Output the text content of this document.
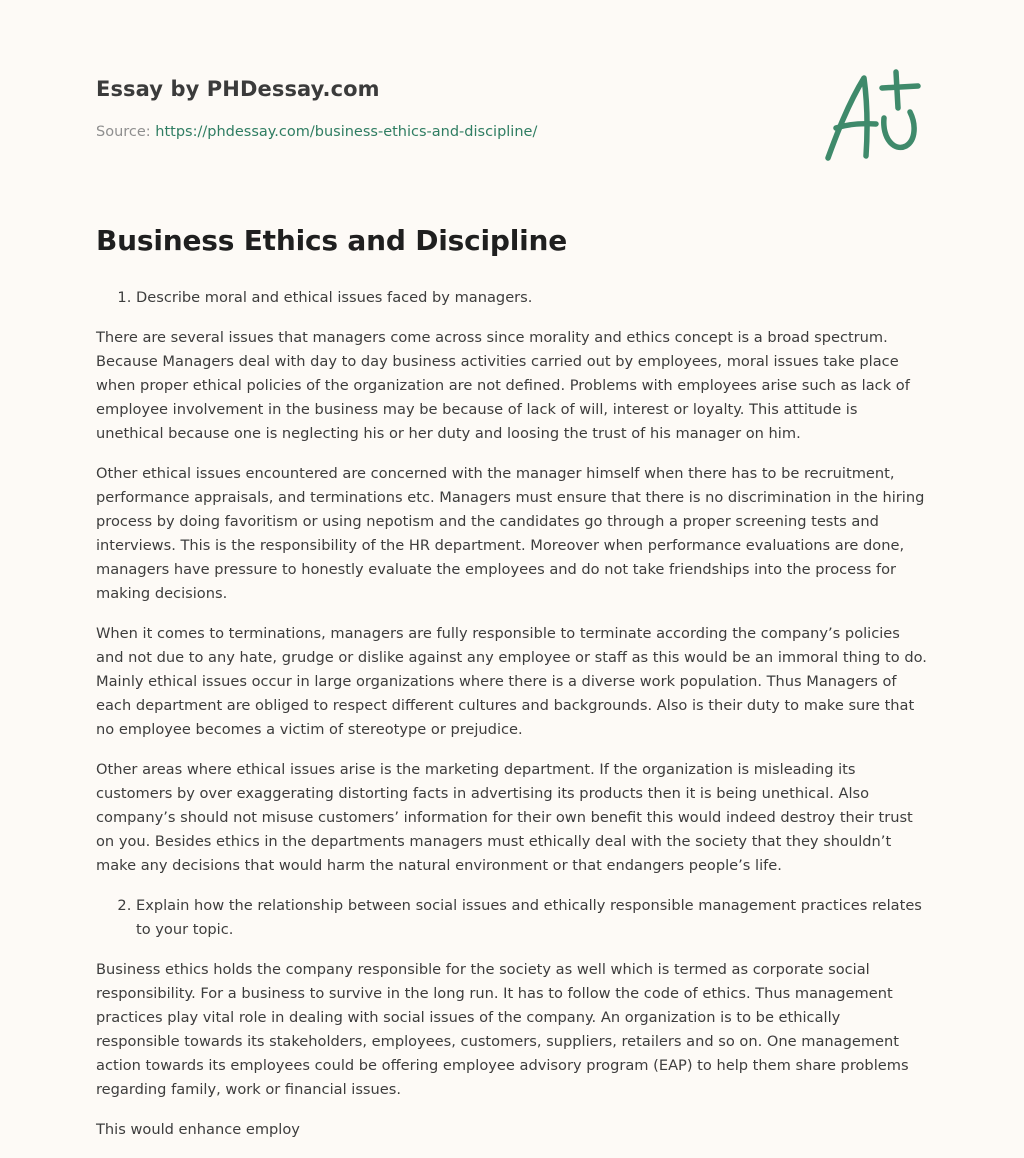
Essay by PHDessay.com
Source: https://phdessay.com/business-ethics-and-discipline/
Business Ethics and Discipline
1. Describe moral and ethical issues faced by managers.

There are several issues that managers come across since morality and ethics concept is a broad spectrum. Because Managers deal with day to day business activities carried out by employees, moral issues take place when proper ethical policies of the organization are not defined. Problems with employees arise such as lack of employee involvement in the business may be because of lack of will, interest or loyalty. This attitude is unethical because one is neglecting his or her duty and loosing the trust of his manager on him.

Other ethical issues encountered are concerned with the manager himself when there has to be recruitment, performance appraisals, and terminations etc. Managers must ensure that there is no discrimination in the hiring process by doing favoritism or using nepotism and the candidates go through a proper screening tests and interviews. This is the responsibility of the HR department. Moreover when performance evaluations are done, managers have pressure to honestly evaluate the employees and do not take friendships into the process for making decisions.

When it comes to terminations, managers are fully responsible to terminate according the company’s policies and not due to any hate, grudge or dislike against any employee or staff as this would be an immoral thing to do. Mainly ethical issues occur in large organizations where there is a diverse work population. Thus Managers of each department are obliged to respect different cultures and backgrounds. Also is their duty to make sure that no employee becomes a victim of stereotype or prejudice.

Other areas where ethical issues arise is the marketing department. If the organization is misleading its customers by over exaggerating distorting facts in advertising its products then it is being unethical. Also company’s should not misuse customers’ information for their own benefit this would indeed destroy their trust on you. Besides ethics in the departments managers must ethically deal with the society that they shouldn’t make any decisions that would harm the natural environment or that endangers people’s life.

2. Explain how the relationship between social issues and ethically responsible management practices relates to your topic.

Business ethics holds the company responsible for the society as well which is termed as corporate social responsibility. For a business to survive in the long run. It has to follow the code of ethics. Thus management practices play vital role in dealing with social issues of the company. An organization is to be ethically responsible towards its stakeholders, employees, customers, suppliers, retailers and so on. One management action towards its employees could be offering employee advisory program (EAP) to help them share problems regarding family, work or financial issues.

This would enhance employ
